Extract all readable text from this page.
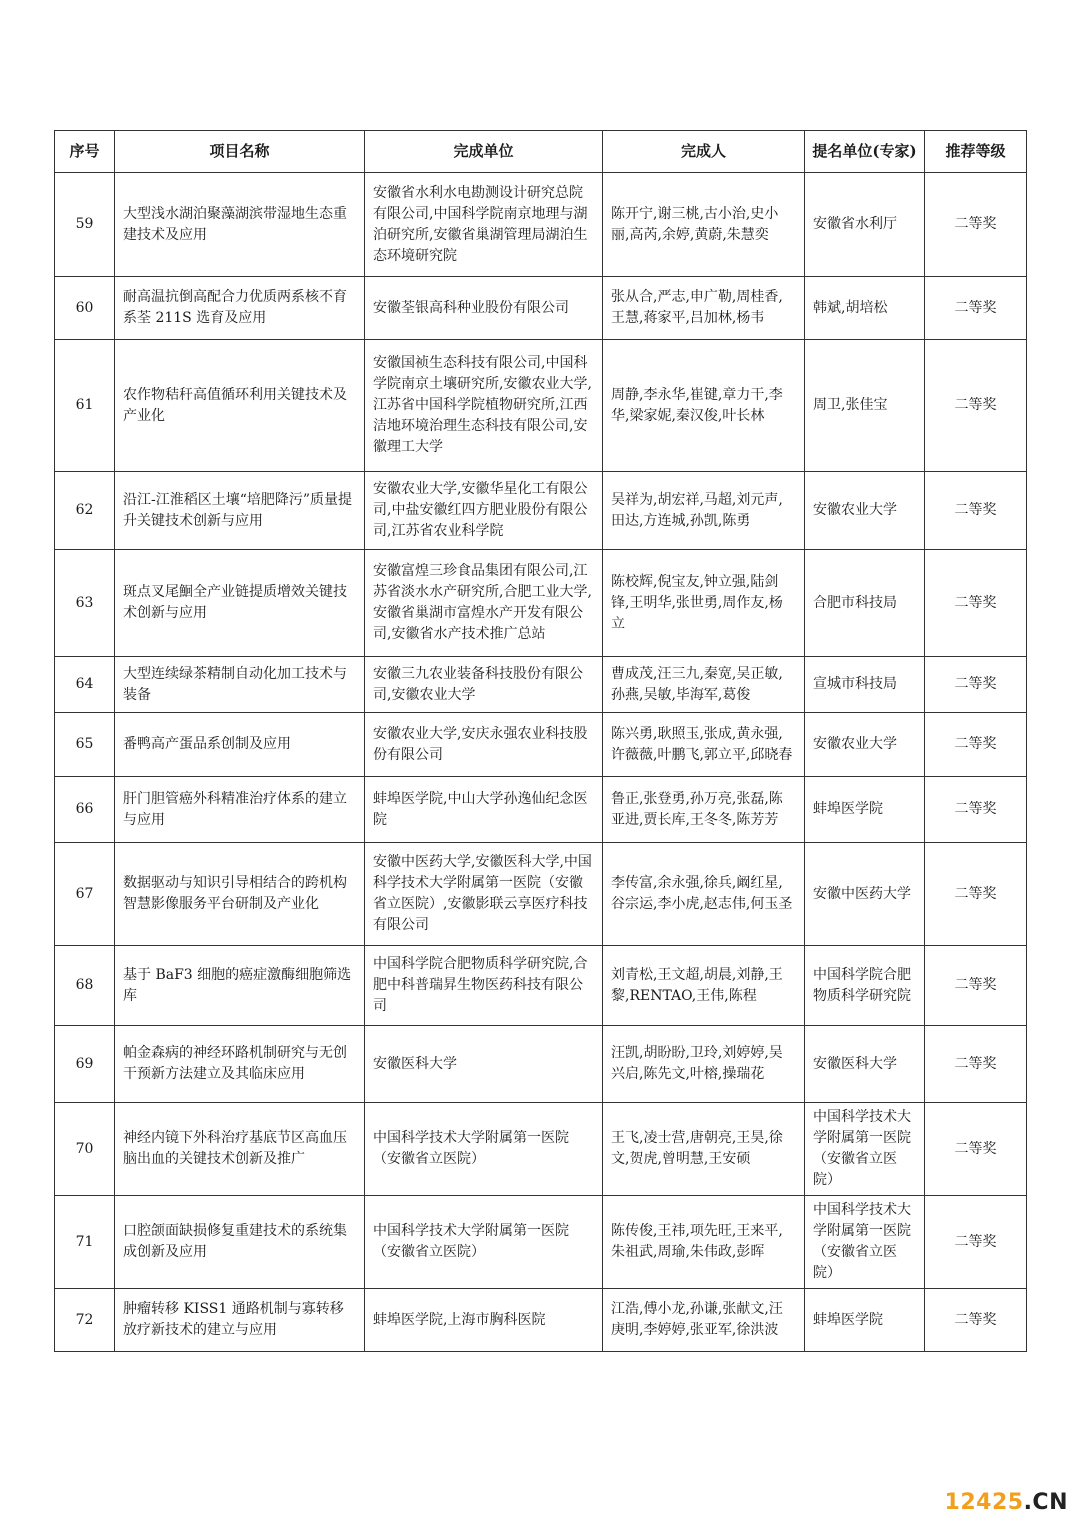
序号	项目名称	完成单位	完成人	提名单位(专家)	推荐等级
59	大型浅水湖泊聚藻湖滨带湿地生态重建技术及应用	安徽省水利水电勘测设计研究总院有限公司,中国科学院南京地理与湖泊研究所,安徽省巢湖管理局湖泊生态环境研究院	陈开宁,谢三桃,古小治,史小丽,高芮,余婷,黄蔚,朱慧奕	安徽省水利厅	二等奖
60	耐高温抗倒高配合力优质两系核不育系荃 211S 选育及应用	安徽荃银高科种业股份有限公司	张从合,严志,申广勒,周桂香,王慧,蒋家平,吕加林,杨韦	韩斌,胡培松	二等奖
61	农作物秸秆高值循环利用关键技术及产业化	安徽国祯生态科技有限公司,中国科学院南京土壤研究所,安徽农业大学,江苏省中国科学院植物研究所,江西洁地环境治理生态科技有限公司,安徽理工大学	周静,李永华,崔键,章力干,李华,梁家妮,秦汉俊,叶长林	周卫,张佳宝	二等奖
62	沿江-江淮稻区土壤“培肥降污”质量提升关键技术创新与应用	安徽农业大学,安徽华星化工有限公司,中盐安徽红四方肥业股份有限公司,江苏省农业科学院	吴祥为,胡宏祥,马超,刘元声,田达,方连城,孙凯,陈勇	安徽农业大学	二等奖
63	斑点叉尾鮰全产业链提质增效关键技术创新与应用	安徽富煌三珍食品集团有限公司,江苏省淡水水产研究所,合肥工业大学,安徽省巢湖市富煌水产开发有限公司,安徽省水产技术推广总站	陈校辉,倪宝友,钟立强,陆剑锋,王明华,张世勇,周作友,杨立	合肥市科技局	二等奖
64	大型连续绿茶精制自动化加工技术与装备	安徽三九农业装备科技股份有限公司,安徽农业大学	曹成茂,汪三九,秦宽,吴正敏,孙燕,吴敏,毕海军,葛俊	宣城市科技局	二等奖
65	番鸭高产蛋品系创制及应用	安徽农业大学,安庆永强农业科技股份有限公司	陈兴勇,耿照玉,张成,黄永强,许薇薇,叶鹏飞,郭立平,邱晓春	安徽农业大学	二等奖
66	肝门胆管癌外科精准治疗体系的建立与应用	蚌埠医学院,中山大学孙逸仙纪念医院	鲁正,张登勇,孙万亮,张磊,陈亚进,贾长库,王冬冬,陈芳芳	蚌埠医学院	二等奖
67	数据驱动与知识引导相结合的跨机构智慧影像服务平台研制及产业化	安徽中医药大学,安徽医科大学,中国科学技术大学附属第一医院（安徽省立医院）,安徽影联云享医疗科技有限公司	李传富,余永强,徐兵,阚红星,谷宗运,李小虎,赵志伟,何玉圣	安徽中医药大学	二等奖
68	基于 BaF3 细胞的癌症激酶细胞筛选库	中国科学院合肥物质科学研究院,合肥中科普瑞昇生物医药科技有限公司	刘青松,王文超,胡晨,刘静,王黎,RENTAO,王伟,陈程	中国科学院合肥物质科学研究院	二等奖
69	帕金森病的神经环路机制研究与无创干预新方法建立及其临床应用	安徽医科大学	汪凯,胡盼盼,卫玲,刘婷婷,吴兴启,陈先文,叶榕,操瑞花	安徽医科大学	二等奖
70	神经内镜下外科治疗基底节区高血压脑出血的关键技术创新及推广	中国科学技术大学附属第一医院（安徽省立医院）	王飞,凌士营,唐朝亮,王昊,徐文,贺虎,曾明慧,王安硕	中国科学技术大学附属第一医院（安徽省立医院）	二等奖
71	口腔颌面缺损修复重建技术的系统集成创新及应用	中国科学技术大学附属第一医院（安徽省立医院）	陈传俊,王祎,项先旺,王来平,朱祖武,周瑜,朱伟政,彭晖	中国科学技术大学附属第一医院（安徽省立医院）	二等奖
72	肿瘤转移 KISS1 通路机制与寡转移放疗新技术的建立与应用	蚌埠医学院,上海市胸科医院	江浩,傅小龙,孙谦,张献文,汪庚明,李婷婷,张亚军,徐洪波	蚌埠医学院	二等奖
12425.CN
